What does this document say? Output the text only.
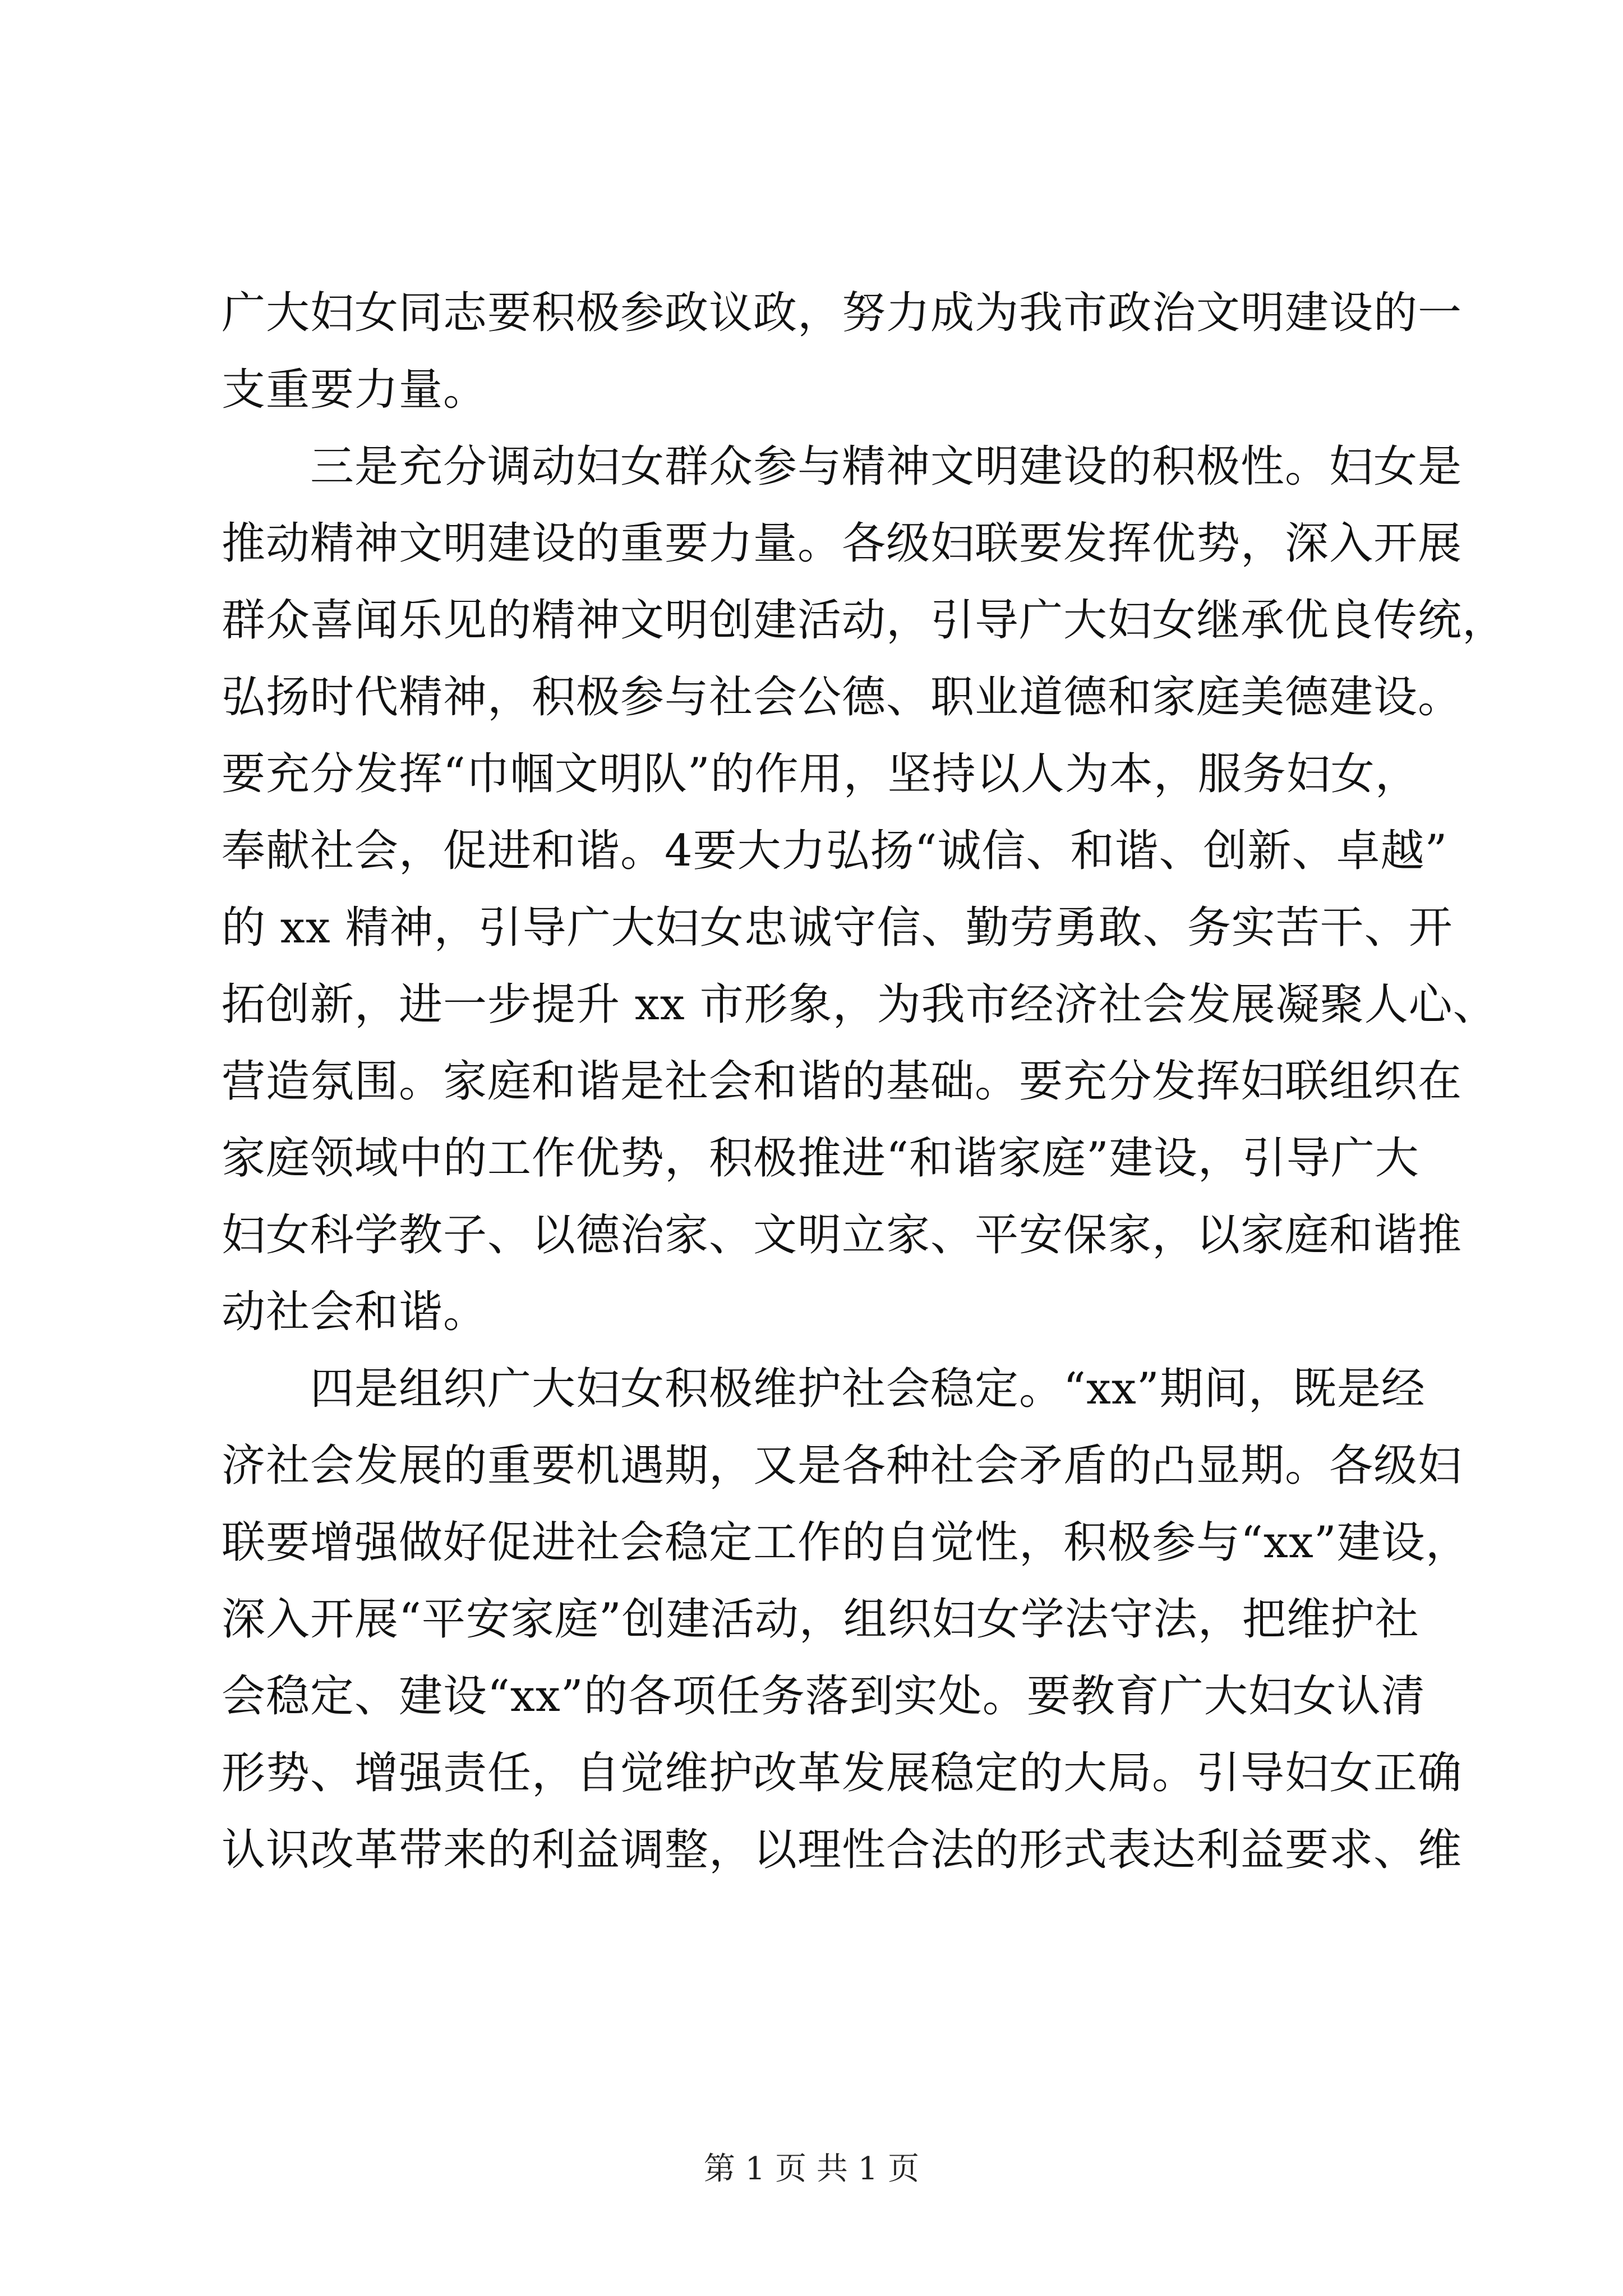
广大妇女同志要积极参政议政，努力成为我市政治文明建设的一
支重要力量。
三是充分调动妇女群众参与精神文明建设的积极性。妇女是
推动精神文明建设的重要力量。各级妇联要发挥优势，深入开展
群众喜闻乐见的精神文明创建活动，引导广大妇女继承优良传统，
弘扬时代精神，积极参与社会公德、职业道德和家庭美德建设。
要充分发挥“巾帼文明队”的作用，坚持以人为本，服务妇女，
奉献社会，促进和谐。4要大力弘扬“诚信、和谐、创新、卓越”
的 xx 精神，引导广大妇女忠诚守信、勤劳勇敢、务实苦干、开
拓创新，进一步提升 xx 市形象，为我市经济社会发展凝聚人心、
营造氛围。家庭和谐是社会和谐的基础。要充分发挥妇联组织在
家庭领域中的工作优势，积极推进“和谐家庭”建设，引导广大
妇女科学教子、以德治家、文明立家、平安保家，以家庭和谐推
动社会和谐。
四是组织广大妇女积极维护社会稳定。“xx”期间，既是经
济社会发展的重要机遇期，又是各种社会矛盾的凸显期。各级妇
联要增强做好促进社会稳定工作的自觉性，积极参与“xx”建设，
深入开展“平安家庭”创建活动，组织妇女学法守法，把维护社
会稳定、建设“xx”的各项任务落到实处。要教育广大妇女认清
形势、增强责任，自觉维护改革发展稳定的大局。引导妇女正确
认识改革带来的利益调整，以理性合法的形式表达利益要求、维
第 1 页 共 1 页
